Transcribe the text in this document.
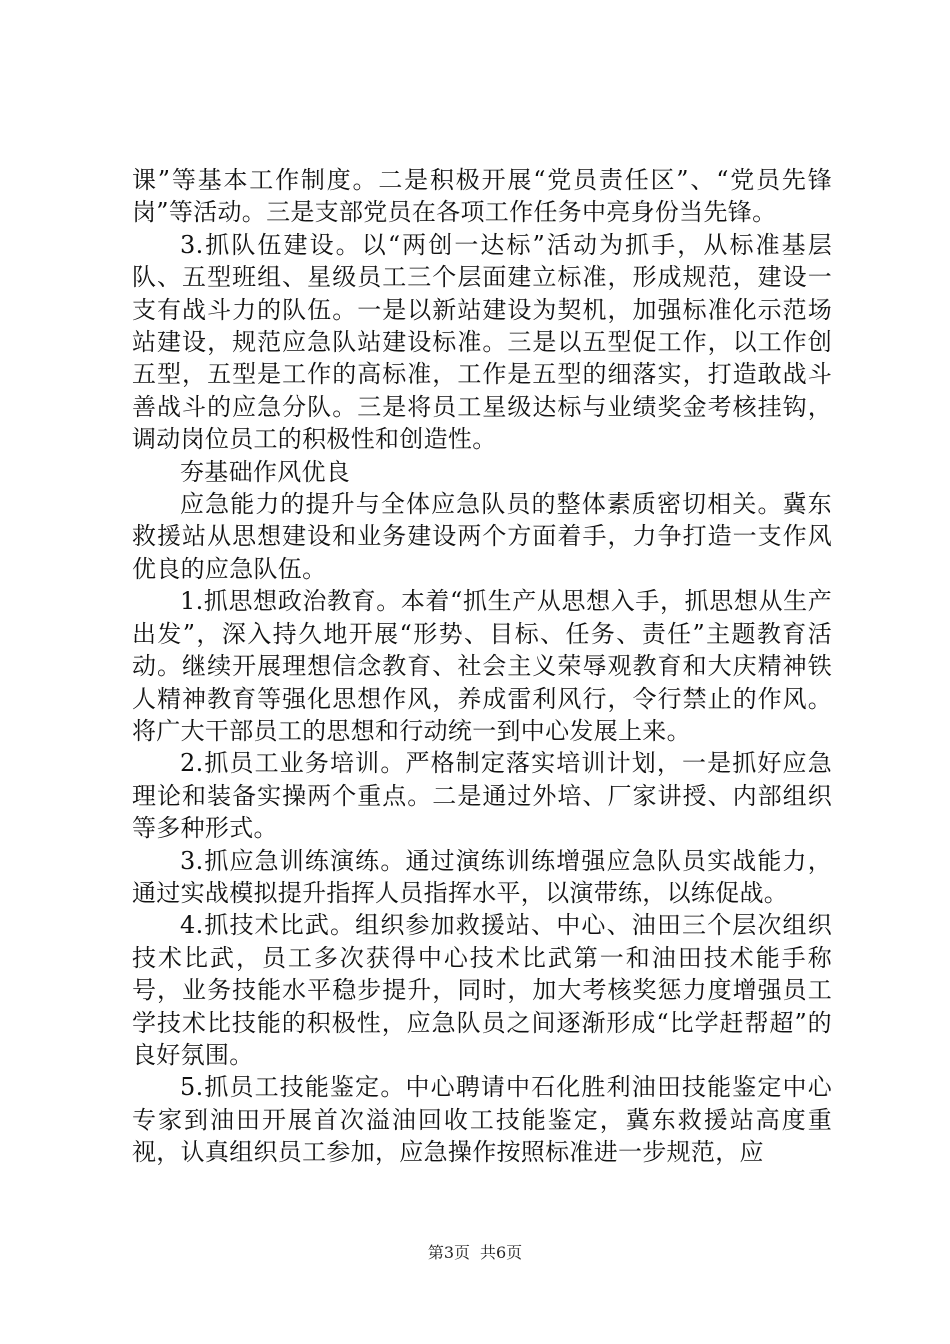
课”等基本工作制度。二是积极开展“党员责任区”、“党员先锋岗”等活动。三是支部党员在各项工作任务中亮身份当先锋。

3.抓队伍建设。以“两创一达标”活动为抓手，从标准基层队、五型班组、星级员工三个层面建立标准，形成规范，建设一支有战斗力的队伍。一是以新站建设为契机，加强标准化示范场站建设，规范应急队站建设标准。三是以五型促工作，以工作创五型，五型是工作的高标准，工作是五型的细落实，打造敢战斗善战斗的应急分队。三是将员工星级达标与业绩奖金考核挂钩，调动岗位员工的积极性和创造性。

夯基础作风优良

应急能力的提升与全体应急队员的整体素质密切相关。冀东救援站从思想建设和业务建设两个方面着手，力争打造一支作风优良的应急队伍。

1.抓思想政治教育。本着“抓生产从思想入手，抓思想从生产出发”，深入持久地开展“形势、目标、任务、责任”主题教育活动。继续开展理想信念教育、社会主义荣辱观教育和大庆精神铁人精神教育等强化思想作风，养成雷利风行，令行禁止的作风。将广大干部员工的思想和行动统一到中心发展上来。

2.抓员工业务培训。严格制定落实培训计划，一是抓好应急理论和装备实操两个重点。二是通过外培、厂家讲授、内部组织等多种形式。

3.抓应急训练演练。通过演练训练增强应急队员实战能力，通过实战模拟提升指挥人员指挥水平，以演带练，以练促战。

4.抓技术比武。组织参加救援站、中心、油田三个层次组织技术比武，员工多次获得中心技术比武第一和油田技术能手称号，业务技能水平稳步提升，同时，加大考核奖惩力度增强员工学技术比技能的积极性，应急队员之间逐渐形成“比学赶帮超”的良好氛围。

5.抓员工技能鉴定。中心聘请中石化胜利油田技能鉴定中心专家到油田开展首次溢油回收工技能鉴定，冀东救援站高度重视，认真组织员工参加，应急操作按照标准进一步规范，应

第3页 共6页
